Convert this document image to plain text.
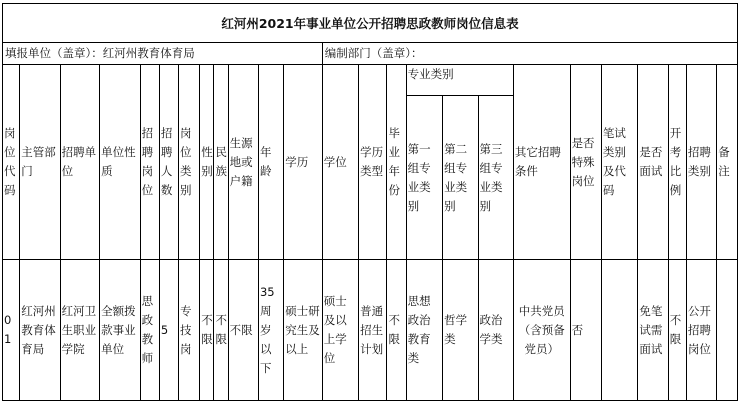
红河州2021年事业单位公开招聘思政教师岗位信息表																								
填报单位（盖章）：红河州教育体育局												编制部门（盖章）：												
岗位代码	主管部门	招聘单位	单位性质	招聘岗位	招聘人数	岗位类别	性别	民族	生源地或户籍	年龄	学历	学位	学历类型	毕业年份	专业类别			其它招聘条件	是否特殊岗位	笔试类别及代码	是否面试	开考比例	招聘类别	备注
															第一组专业类别	第二组专业类别	第三组专业类别							
01	红河州教育体育局	红河卫生职业学院	全额拨款事业单位	思政教师	5	专技岗	不限	不限	不限	35周岁以下	硕士研究生及以上	硕士及以上学位	普通招生计划	不限	思想政治教育类	哲学类	政治学类	中共党员（含预备党员）	否		免笔试需面试	不限	公开招聘岗位	
